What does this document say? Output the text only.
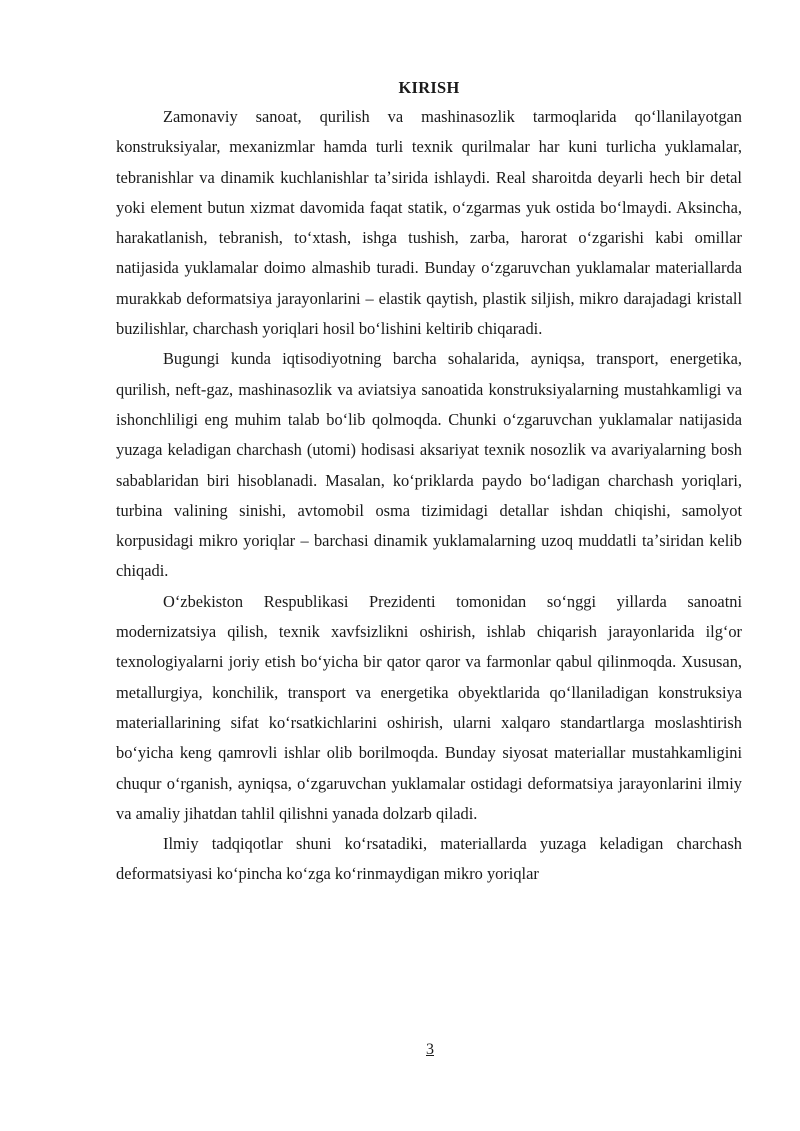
KIRISH

Zamonaviy sanoat, qurilish va mashinasozlik tarmoqlarida qoʻllanilayotgan konstruksiyalar, mexanizmlar hamda turli texnik qurilmalar har kuni turlicha yuklamalar, tebranishlar va dinamik kuchlanishlar taʼsirida ishlaydi. Real sharoitda deyarli hech bir detal yoki element butun xizmat davomida faqat statik, oʻzgarmas yuk ostida boʻlmaydi. Aksincha, harakatlanish, tebranish, toʻxtash, ishga tushish, zarba, harorat oʻzgarishi kabi omillar natijasida yuklamalar doimo almashib turadi. Bunday oʻzgaruvchan yuklamalar materiallarda murakkab deformatsiya jarayonlarini – elastik qaytish, plastik siljish, mikro darajadagi kristall buzilishlar, charchash yoriqlari hosil boʻlishini keltirib chiqaradi.

Bugungi kunda iqtisodiyotning barcha sohalarida, ayniqsa, transport, energetika, qurilish, neft-gaz, mashinasozlik va aviatsiya sanoatida konstruksiyalarning mustahkamligi va ishonchliligi eng muhim talab boʻlib qolmoqda. Chunki oʻzgaruvchan yuklamalar natijasida yuzaga keladigan charchash (utomi) hodisasi aksariyat texnik nosozlik va avariyalarning bosh sabablaridan biri hisoblanadi. Masalan, koʻpriklarda paydo boʻladigan charchash yoriqlari, turbina valining sinishi, avtomobil osma tizimidagi detallar ishdan chiqishi, samolyot korpusidagi mikro yoriqlar – barchasi dinamik yuklamalarning uzoq muddatli taʼsiridan kelib chiqadi.

Oʻzbekiston Respublikasi Prezidenti tomonidan soʻnggi yillarda sanoatni modernizatsiya qilish, texnik xavfsizlikni oshirish, ishlab chiqarish jarayonlarida ilgʻor texnologiyalarni joriy etish boʻyicha bir qator qaror va farmonlar qabul qilinmoqda. Xususan, metallurgiya, konchilik, transport va energetika obyektlarida qoʻllaniladigan konstruksiya materiallarining sifat koʻrsatkichlarini oshirish, ularni xalqaro standartlarga moslashtirish boʻyicha keng qamrovli ishlar olib borilmoqda. Bunday siyosat materiallar mustahkamligini chuqur oʻrganish, ayniqsa, oʻzgaruvchan yuklamalar ostidagi deformatsiya jarayonlarini ilmiy va amaliy jihatdan tahlil qilishni yanada dolzarb qiladi.

Ilmiy tadqiqotlar shuni koʻrsatadiki, materiallarda yuzaga keladigan charchash deformatsiyasi koʻpincha koʻzga koʻrinmaydigan mikro yoriqlar

3
